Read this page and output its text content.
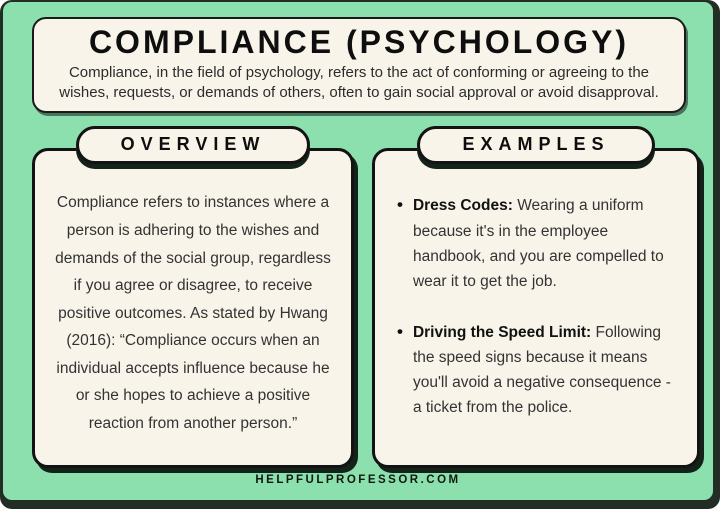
COMPLIANCE (PSYCHOLOGY)

Compliance, in the field of psychology, refers to the act of conforming or agreeing to the wishes, requests, or demands of others, often to gain social approval or avoid disapproval.

OVERVIEW

Compliance refers to instances where a person is adhering to the wishes and demands of the social group, regardless if you agree or disagree, to receive positive outcomes. As stated by Hwang (2016): “Compliance occurs when an individual accepts influence because he or she hopes to achieve a positive reaction from another person.”

EXAMPLES
• Dress Codes: Wearing a uniform because it's in the employee handbook, and you are compelled to wear it to get the job.
• Driving the Speed Limit: Following the speed signs because it means you'll avoid a negative consequence - a ticket from the police.
HELPFULPROFESSOR.COM
